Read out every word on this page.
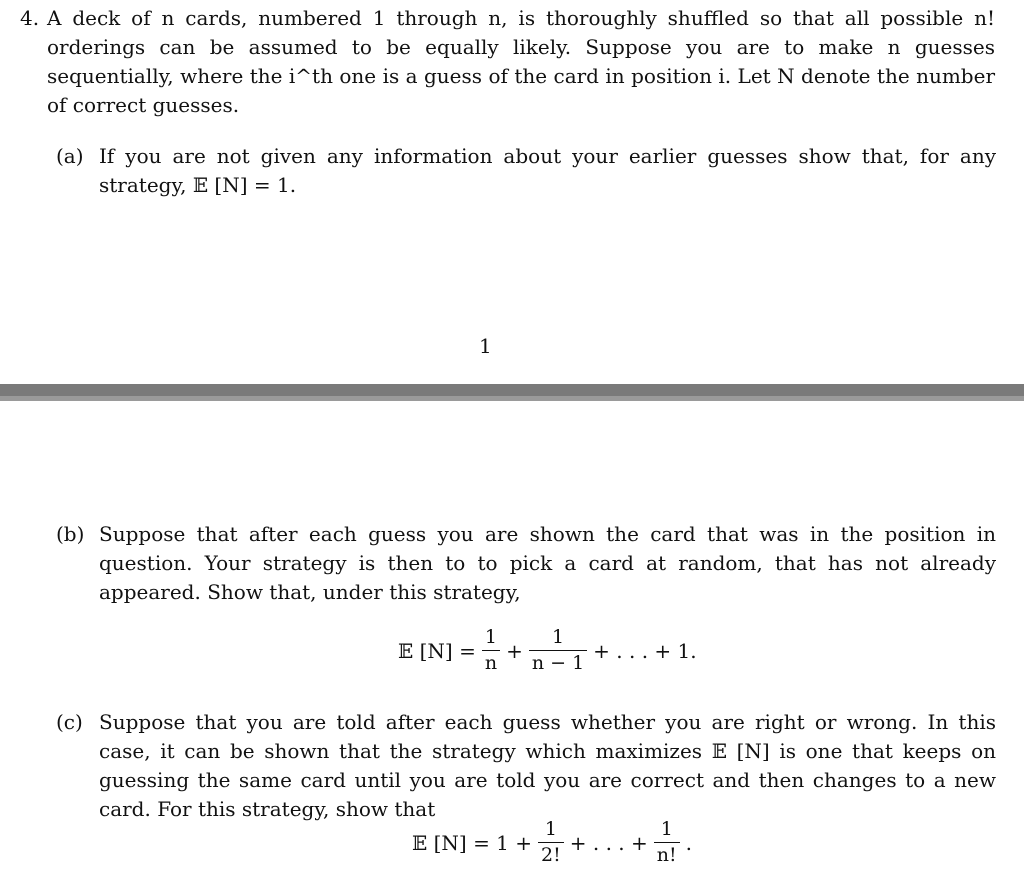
4. A deck of n cards, numbered 1 through n, is thoroughly shuffled so that all possible n! orderings can be assumed to be equally likely. Suppose you are to make n guesses sequentially, where the i^th one is a guess of the card in position i. Let N denote the number of correct guesses.
(a) If you are not given any information about your earlier guesses show that, for any strategy, 𝔼 [N] = 1.
1
(b) Suppose that after each guess you are shown the card that was in the position in question. Your strategy is then to to pick a card at random, that has not already appeared. Show that, under this strategy,
𝔼 $[N] = \frac{1}{n} + \frac{1}{n - 1}$ + . . . + 1.
(c) Suppose that you are told after each guess whether you are right or wrong. In this case, it can be shown that the strategy which maximizes 𝔼 [N] is one that keeps on guessing the same card until you are told you are correct and then changes to a new card. For this strategy, show that
𝔼 $[N] = 1 + \frac{1}{2!}$ + . . . + $\frac{1}{n!}$ .
